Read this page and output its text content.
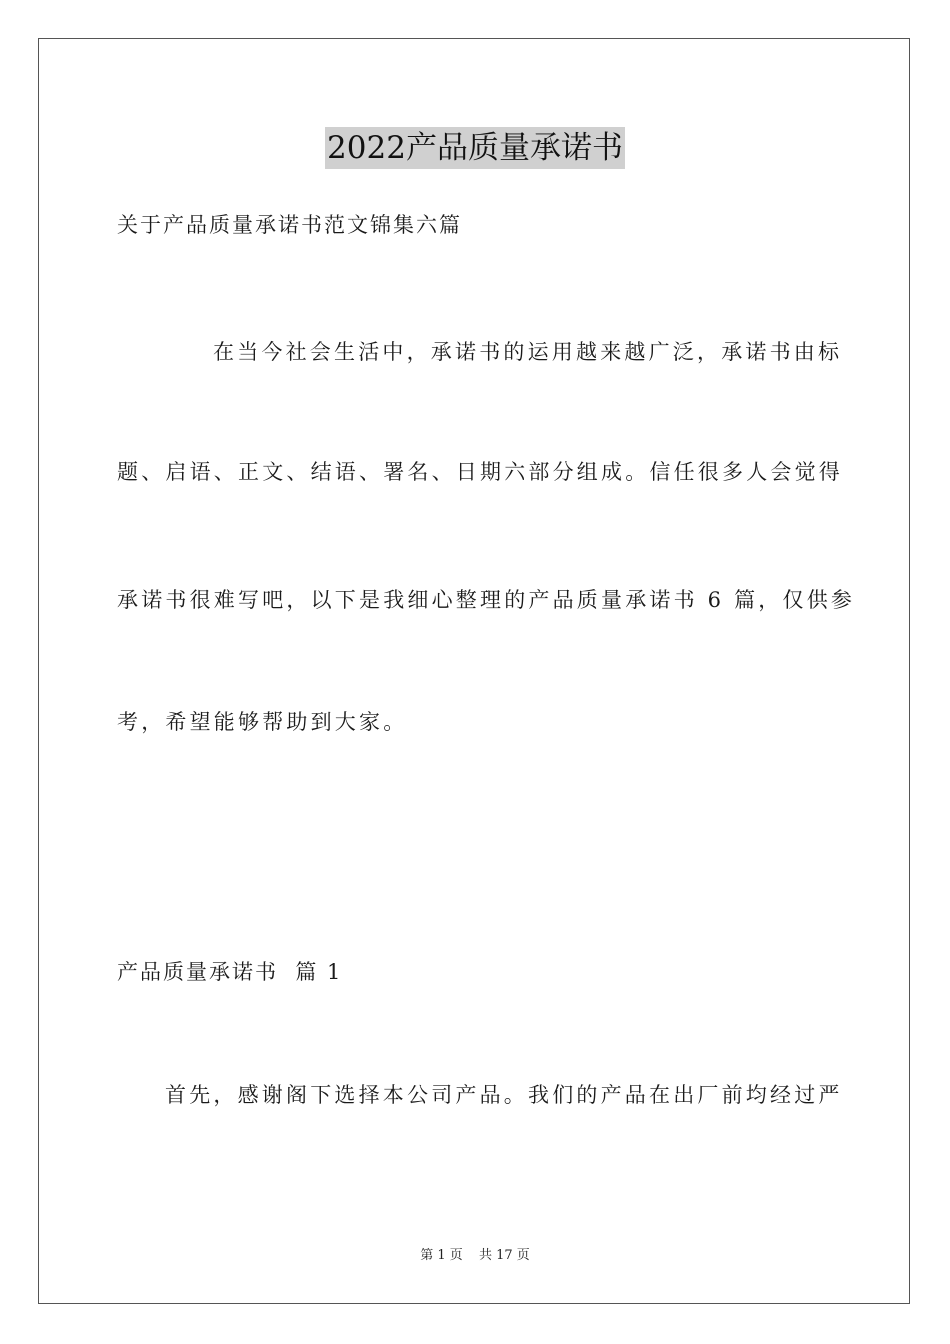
2022产品质量承诺书
关于产品质量承诺书范文锦集六篇
在当今社会生活中，承诺书的运用越来越广泛，承诺书由标
题、启语、正文、结语、署名、日期六部分组成。信任很多人会觉得
承诺书很难写吧，以下是我细心整理的产品质量承诺书 6 篇，仅供参
考，希望能够帮助到大家。
产品质量承诺书  篇 1
首先，感谢阁下选择本公司产品。我们的产品在出厂前均经过严
第 1 页 共 17 页
